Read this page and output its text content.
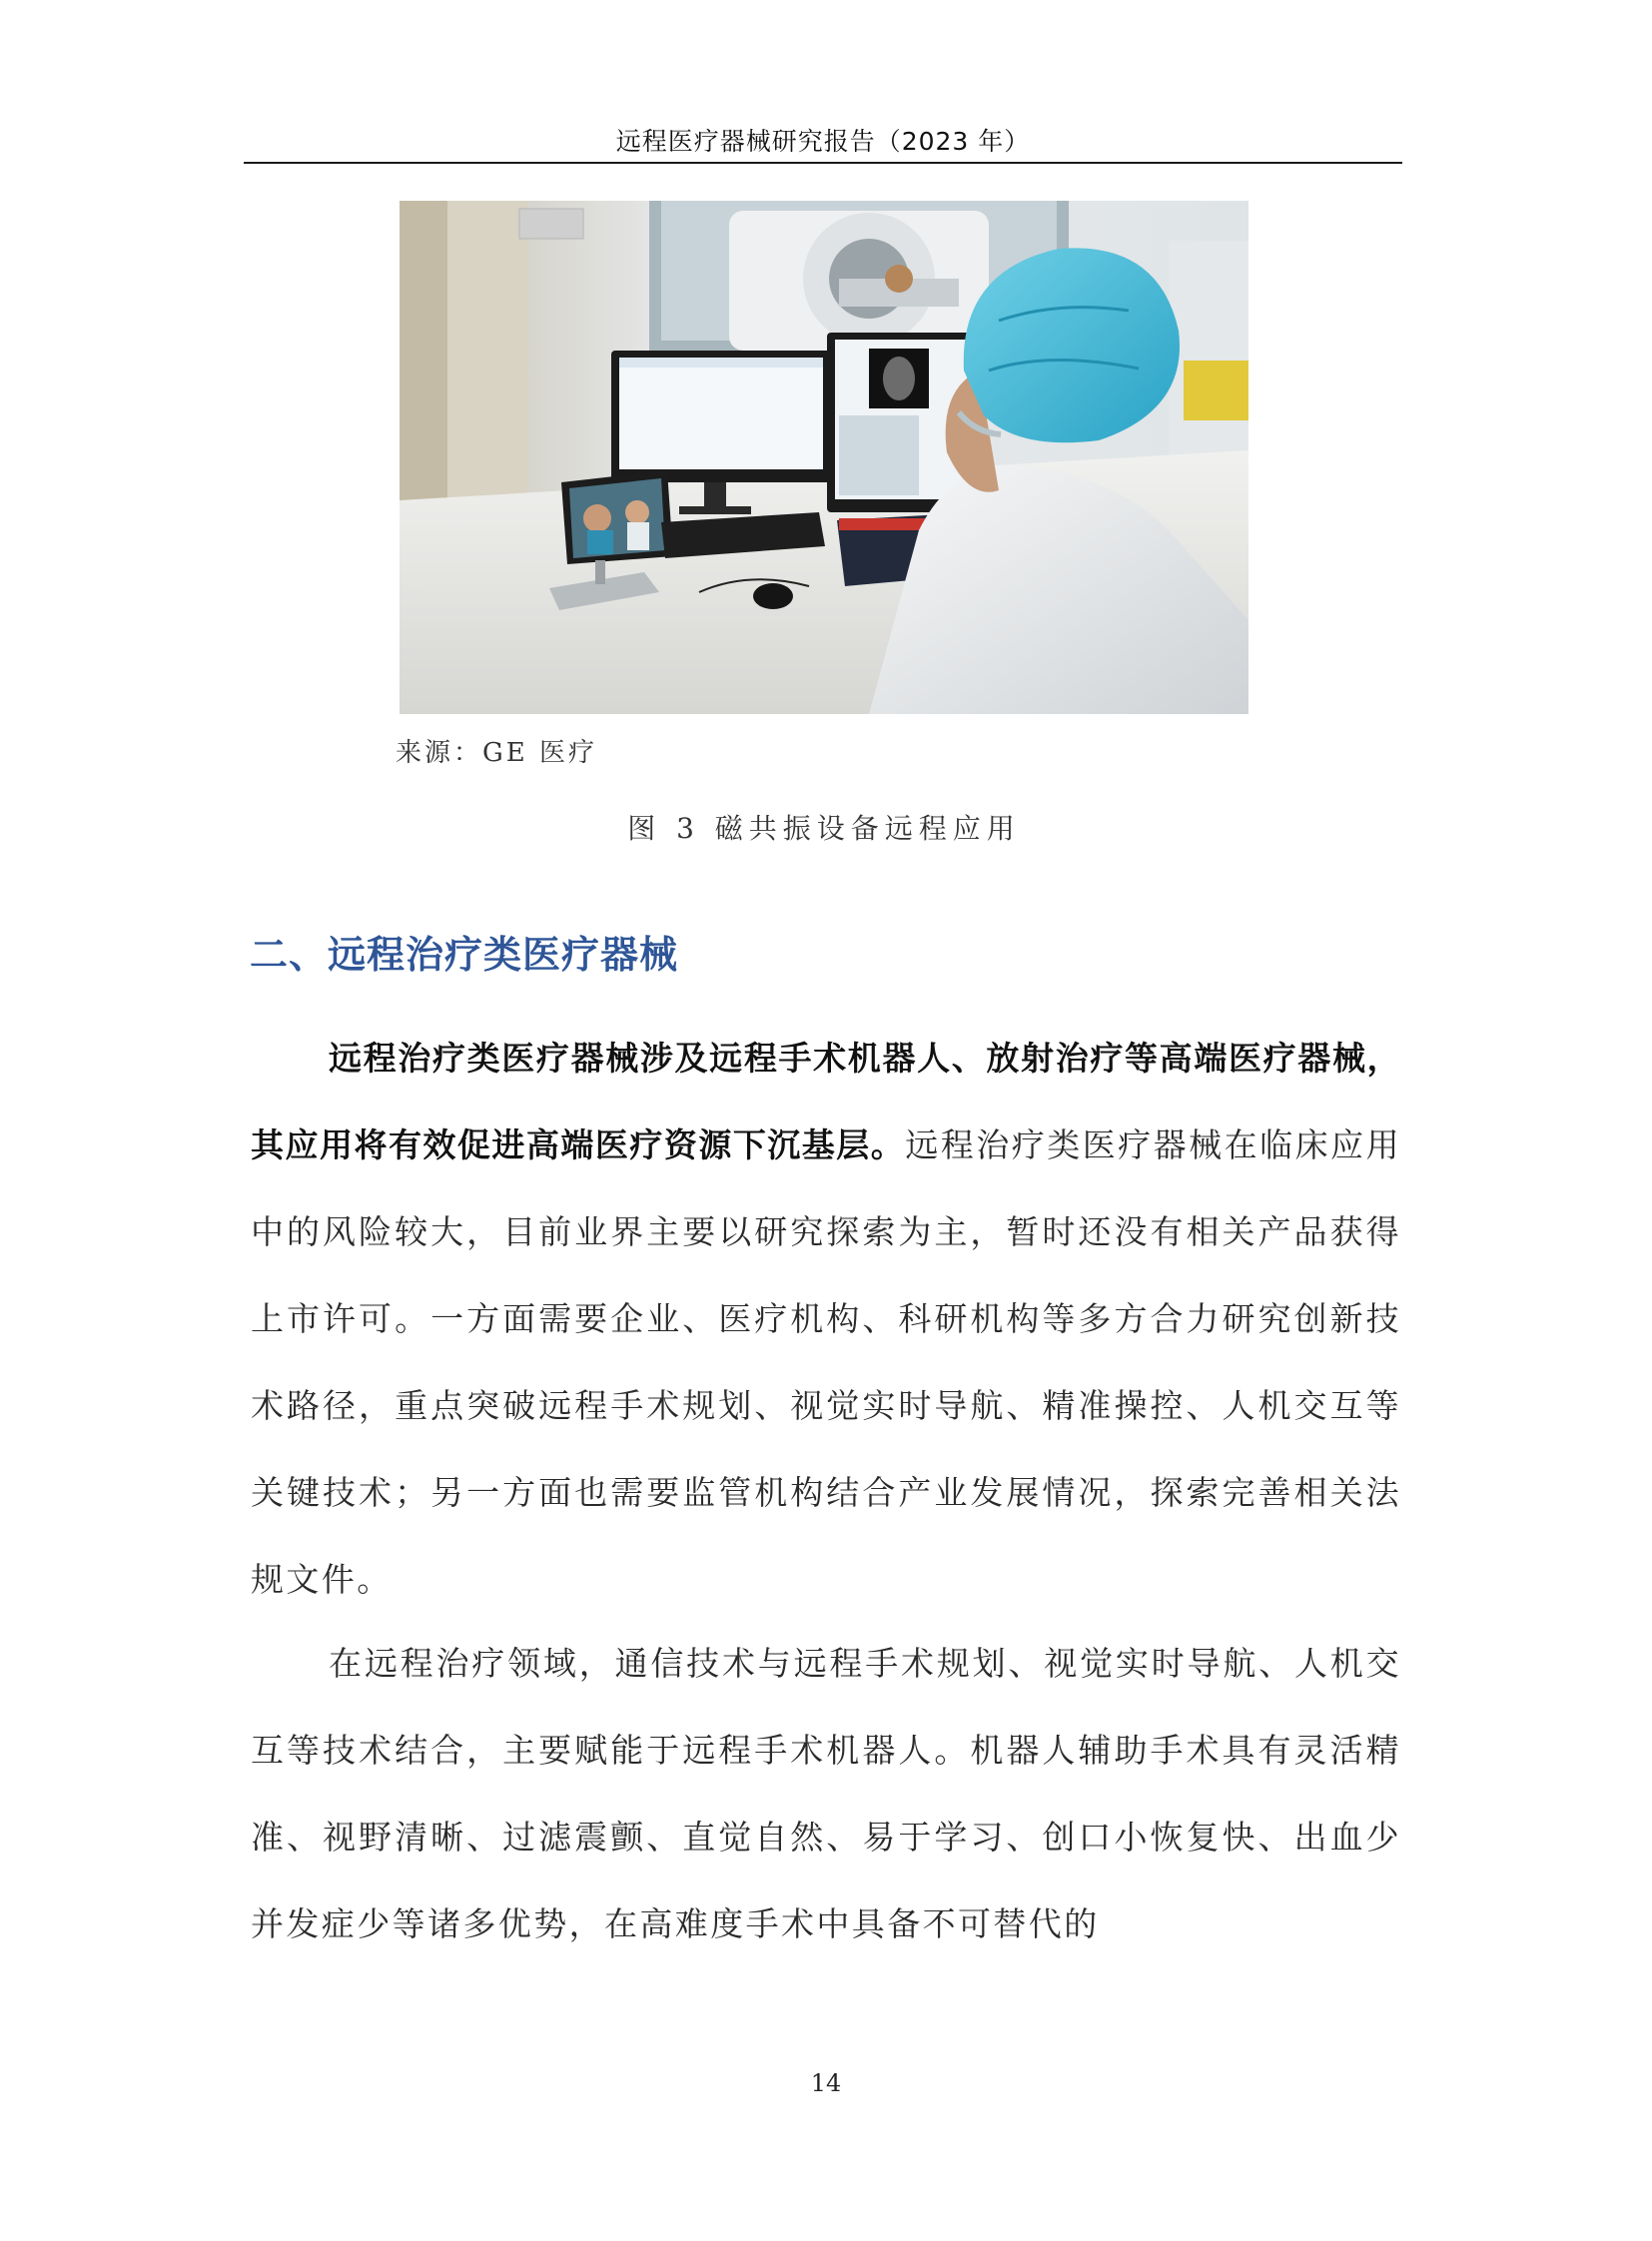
远程医疗器械研究报告（2023 年）
来源：GE 医疗
图 3 磁共振设备远程应用
二、远程治疗类医疗器械

远程治疗类医疗器械涉及远程手术机器人、放射治疗等高端医疗器械，其应用将有效促进高端医疗资源下沉基层。远程治疗类医疗器械在临床应用中的风险较大，目前业界主要以研究探索为主，暂时还没有相关产品获得上市许可。一方面需要企业、医疗机构、科研机构等多方合力研究创新技术路径，重点突破远程手术规划、视觉实时导航、精准操控、人机交互等关键技术；另一方面也需要监管机构结合产业发展情况，探索完善相关法规文件。

在远程治疗领域，通信技术与远程手术规划、视觉实时导航、人机交互等技术结合，主要赋能于远程手术机器人。机器人辅助手术具有灵活精准、视野清晰、过滤震颤、直觉自然、易于学习、创口小恢复快、出血少并发症少等诸多优势，在高难度手术中具备不可替代的

14
